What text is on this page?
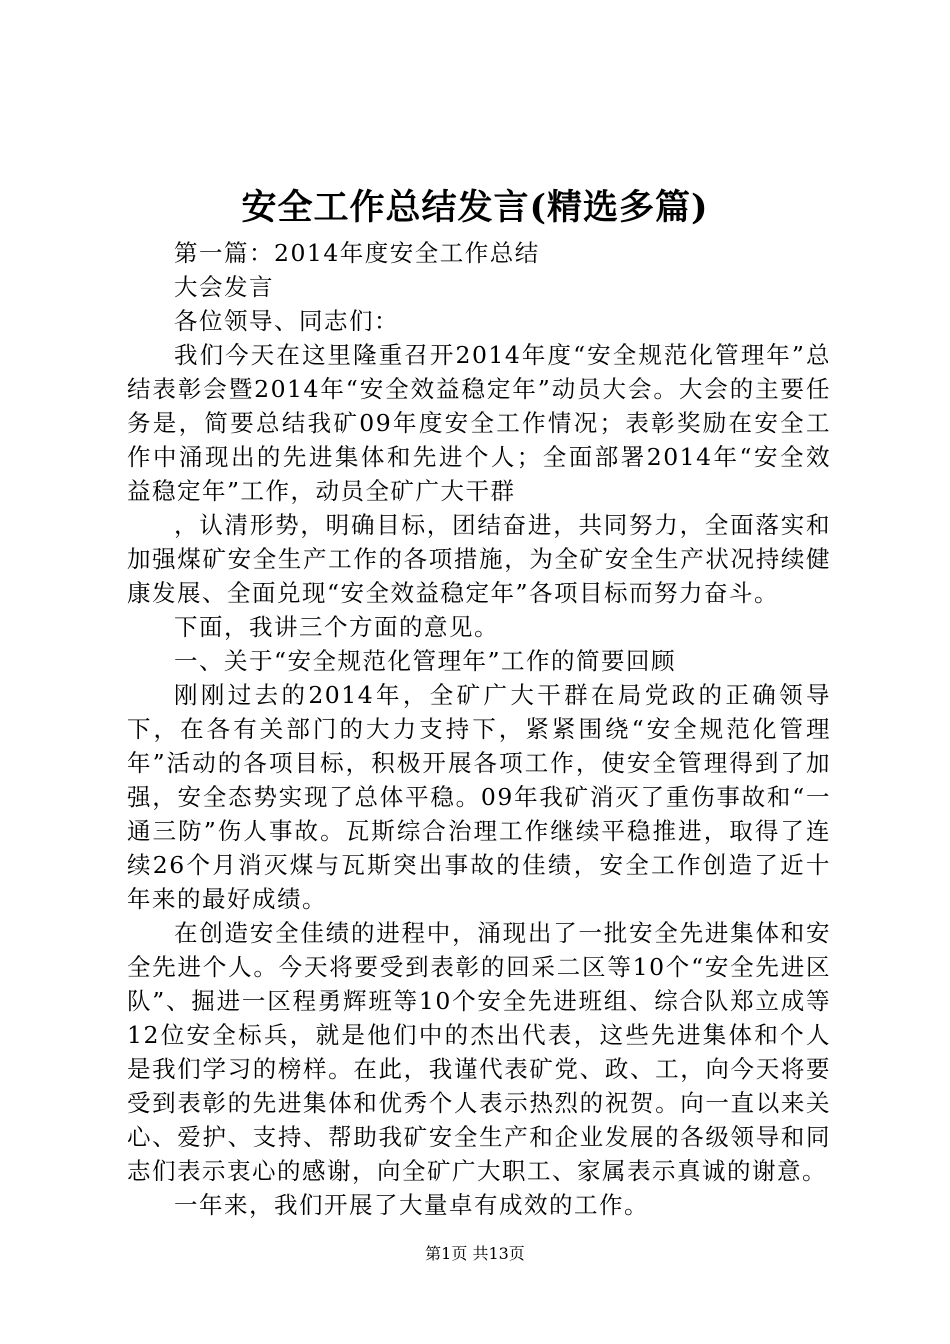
安全工作总结发言(精选多篇)

第一篇：2014年度安全工作总结

大会发言

各位领导、同志们：

我们今天在这里隆重召开2014年度“安全规范化管理年”总结表彰会暨2014年“安全效益稳定年”动员大会。大会的主要任务是，简要总结我矿09年度安全工作情况；表彰奖励在安全工作中涌现出的先进集体和先进个人；全面部署2014年“安全效益稳定年”工作，动员全矿广大干群

，认清形势，明确目标，团结奋进，共同努力，全面落实和加强煤矿安全生产工作的各项措施，为全矿安全生产状况持续健康发展、全面兑现“安全效益稳定年”各项目标而努力奋斗。

下面，我讲三个方面的意见。

一、关于“安全规范化管理年”工作的简要回顾

刚刚过去的2014年，全矿广大干群在局党政的正确领导下，在各有关部门的大力支持下，紧紧围绕“安全规范化管理年”活动的各项目标，积极开展各项工作，使安全管理得到了加强，安全态势实现了总体平稳。09年我矿消灭了重伤事故和“一通三防”伤人事故。瓦斯综合治理工作继续平稳推进，取得了连续26个月消灭煤与瓦斯突出事故的佳绩，安全工作创造了近十年来的最好成绩。

在创造安全佳绩的进程中，涌现出了一批安全先进集体和安全先进个人。今天将要受到表彰的回采二区等10个“安全先进区队”、掘进一区程勇辉班等10个安全先进班组、综合队郑立成等12位安全标兵，就是他们中的杰出代表，这些先进集体和个人是我们学习的榜样。在此，我谨代表矿党、政、工，向今天将要受到表彰的先进集体和优秀个人表示热烈的祝贺。向一直以来关心、爱护、支持、帮助我矿安全生产和企业发展的各级领导和同志们表示衷心的感谢，向全矿广大职工、家属表示真诚的谢意。

一年来，我们开展了大量卓有成效的工作。

第1页 共13页
